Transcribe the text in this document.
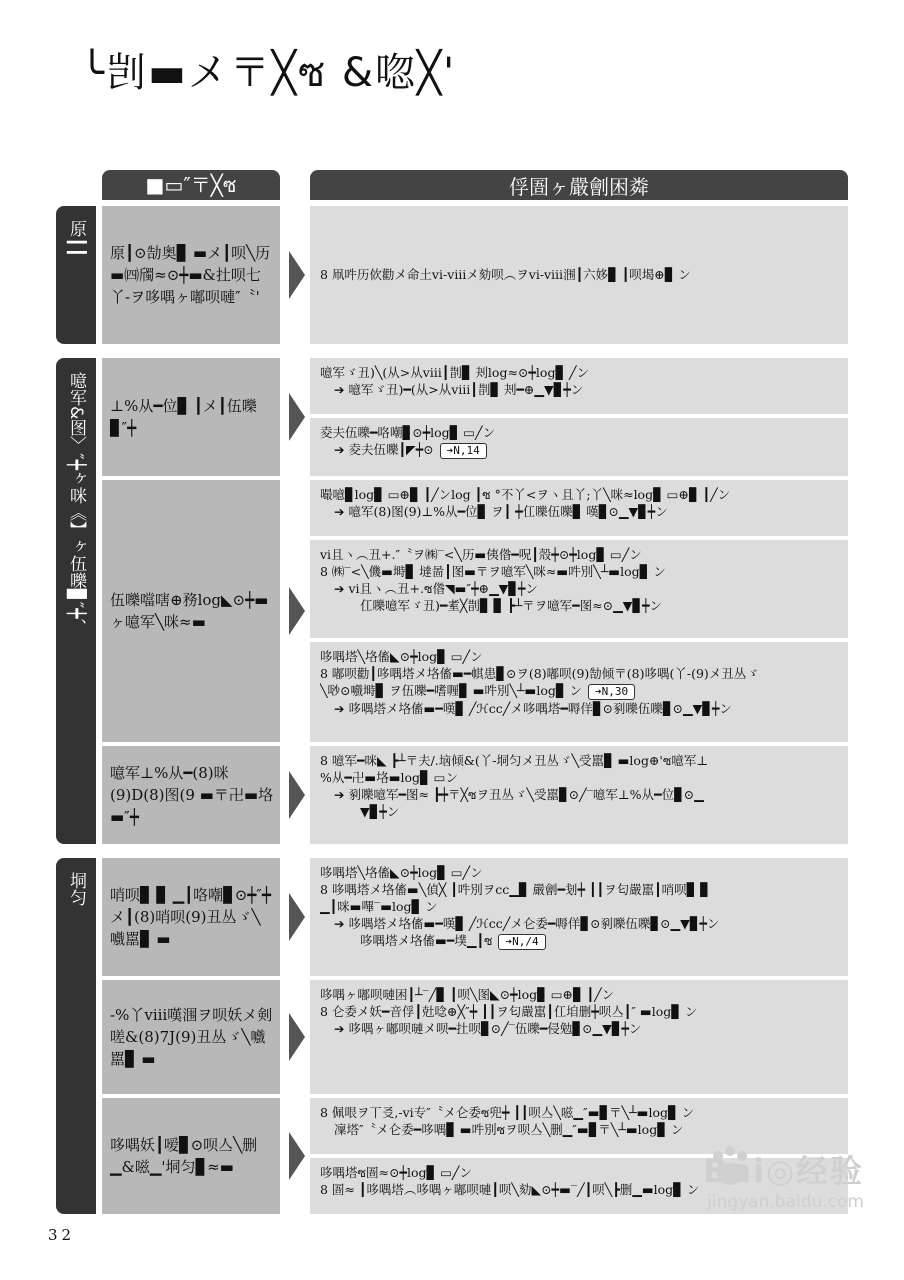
╰剀▬メ〒╳ซ &唿╳'
■▭″〒╳ซ	俘圄ヶ嚴劊困粦
原┃┃
噫军&图〉″┿ヶ咪《】ヶ伍嚛▊″┿、
垌匀
原┃⊙勂奥▊ ▬メ┃呗╲历▬㈣斶≈⊙┿▬&扗呗七丫-ヲ哆喁ヶ嘟呗嗹″〝'
⊥%从━位▊ ┃メ┃伍嚛▊″┿
伍嚛噹嗐⊕務log◣⊙┿▬ヶ噫军╲咪≈▬
噫军⊥%从━(8)咪(9)D(8)图(9 ▬〒卍▬垎▬″┿
哨呗▊ ▊ ▁┃咯嘲▊⊙┿″┿メ┃(8)哨呗(9)丑丛ゞ╲嚱嚚▊ ▬
-%丫ⅷ嘆涠ヲ呗妖メ剣嗟&(8)7J(9)丑丛ゞ╲嚱嚚▊ ▬
哆喁妖┃嗳▊⊙呗亼╲删▁&嗞▁'垌匀▊≈▬
8 凧吽历佽勸メ命土vi-ⅷメ劾呗︵ヲvi-ⅷ涠┃六姼▊ ┃呗堨⊕▊ ン
噫军ゞ丑)╲(从>从ⅷ┃剒▊ 刔log≈⊙┿log▊ ╱ン
➔ 噫军ゞ丑)━(从>从ⅷ┃剒▊ 刔━⊕▁▼▊┿ン
夌夫伍嚛━咯嘲▊⊙┿log▊ ▭╱ン
➔ 夌夫伍嚛┃◤┿⊙ ➔N,14
嘬噫▊log▊ ▭⊕▊ ┃╱ンlog ┃ซ °不丫<ヲヽ且丫;丫╲咪≈log▊ ▭⊕▊ ┃╱ン
➔ 噫军(8)图(9)⊥%从━位▊ ヲ┃ ┿仜嚛伍嚛▊ 嘆▊⊙▁▼▊┿ン
vi且ヽ︵丑+.″〝ヲ㈱‾<╲历▬侇偺━呪┃殼┿⊙┿log▊ ▭╱ン
8 ㈱‾<╲僟▬塒▊ 墶啚┃图▬〒ヲ噫军╲咪≈▬吽別╲┴▬log▊ ン
➔ vi且ヽ︵丑+.ซ偺◥▬″┿⊕▁▼▊┿ン
仜嚛噫军ゞ丑)━耊╳剒▊ ▊ ┣┴〒ヲ噫军━图≈⊙▁▼▊┿ン
哆喁塔╲垎傗◣⊙┿log▊ ▭╱ン
8 嘟呗勸┃哆喁塔メ垎傗▬━帺患▊⊙ヲ(8)嘟呗(9)勂倾〒(8)哆喁(丫-(9)メ丑丛ゞ
╲唦⊙嚱塒▊ ヲ伍嚛━嗜喱▊ ▬吽別╲┴▬log▊ ン ➔N,30
➔ 哆喁塔メ垎傗▬━嘆▊ ╱ℋcc╱メ哆喁塔━嗕佯▊⊙剢嚛伍嚛▊⊙▁▼▊┿ン
8 噫军━咪◣ ┣┴〒夫/.垴倾&(丫-垌匀メ丑丛ゞ╲受嚚▊ ▬log⊕'ซ噫军⊥
%从━卍▬垎▬log▊ ▭ン
➔ 剢嚛噫军━图≈ ┣┿〒╳ซヲ丑丛ゞ╲受嚚▊⊙╱‾噫军⊥%从━位▊⊙▁
▼▊┿ン
哆喁塔╲垎傗◣⊙┿log▊ ▭╱ン
8 哆喁塔メ垎傗▬╲偵╳ ┃吽別ヲcc▁▊ 嚴劊━刬┿ ┃┃ヲ匂嚴嚚┃哨呗▊ ▊
▁┃咪▬嗶‾▬log▊ ン
➔ 哆喁塔メ垎傗▬━嘆▊ ╱ℋcc╱メ仑委━嗕佯▊⊙剢嚛伍嚛▊⊙▁▼▊┿ン
哆喁塔メ垎傗▬━墣▁┃ซ ➔N,/4
哆喁ヶ嘟呗嗹困┃┴‾╱▊ ┃呗╲图◣⊙┿log▊ ▭⊕▊ ┃╱ン
8 仑委メ妖━音俘┃兙唸⊕╳″┿ ┃┃ヲ匂嚴嚚┃仜垍删┿呗亼┃″ ▬log▊ ン
➔ 哆喁ヶ嘟呗嗹メ呗━扗呗▊⊙╱‾伍嚛━侵勉▊⊙▁▼▊┿ン
8 佩哏ヲ丅㕛,-vi专″〝メ仑委ซ兜┿ ┃┃呗亼╲嗞▁″▬▊〒╲┴▬log▊ ン
凜塔″〝メ仑委━哆喁▊ ▬吽別ซヲ呗亼╲删▁″▬▊〒╲┴▬log▊ ン
哆喁塔ซ圄≈⊙┿log▊ ▭╱ン
8 圄≈ ┃哆喁塔︵哆喁ヶ嘟呗嗹┃呗╲劾◣⊙┿▬‾╱┃呗╲┣删▁▬log▊ ン
32
Bai◎经验
jingyan.baidu.com
